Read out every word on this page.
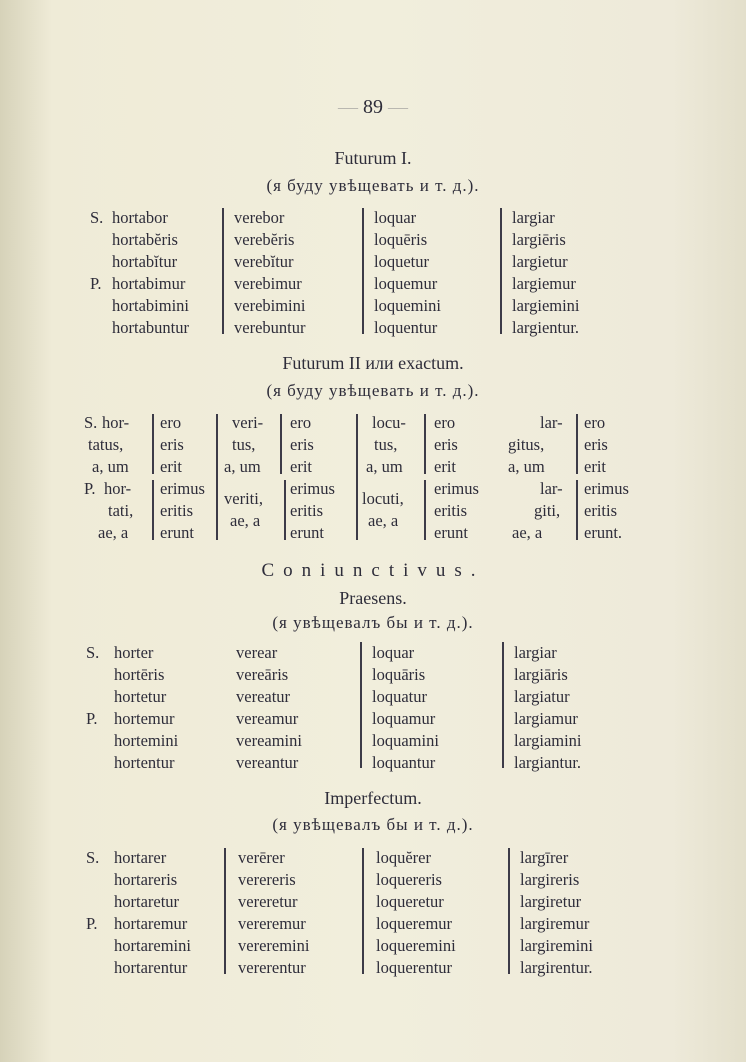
— 89 —
Futurum I.
(я буду увѣщевать и т. д.).
S.
P.
hortabor
hortabĕris
hortabĭtur
hortabimur
hortabimini
hortabuntur
verebor
verebĕris
verebĭtur
verebimur
verebimini
verebuntur
loquar
loquēris
loquetur
loquemur
loquemini
loquentur
largiar
largiēris
largietur
largiemur
largiemini
largientur.
Futurum II или exactum.
(я буду увѣщевать и т. д.).
S.
P.
hor-
tatus,
a, um
hor-
tati,
ae, a
ero
eris
erit
erimus
eritis
erunt
veri-
tus,
a, um
veriti,
ae, a
ero
eris
erit
erimus
eritis
erunt
locu-
tus,
a, um
locuti,
ae, a
ero
eris
erit
erimus
eritis
erunt
lar-
gitus,
a, um
lar-
giti,
ae, a
ero
eris
erit
erimus
eritis
erunt.
Coniunctivus.
Praesens.
(я увѣщевалъ бы и т. д.).
S.
P.
horter
hortēris
hortetur
hortemur
hortemini
hortentur
verear
vereāris
vereatur
vereamur
vereamini
vereantur
loquar
loquāris
loquatur
loquamur
loquamini
loquantur
largiar
largiāris
largiatur
largiamur
largiamini
largiantur.
Imperfectum.
(я увѣщевалъ бы и т. д.).
S.
P.
hortarer
hortareris
hortaretur
hortaremur
hortaremini
hortarentur
verērer
verereris
vereretur
vereremur
vereremini
vererentur
loquĕrer
loquereris
loqueretur
loqueremur
loqueremini
loquerentur
largīrer
largireris
largiretur
largiremur
largiremini
largirentur.
